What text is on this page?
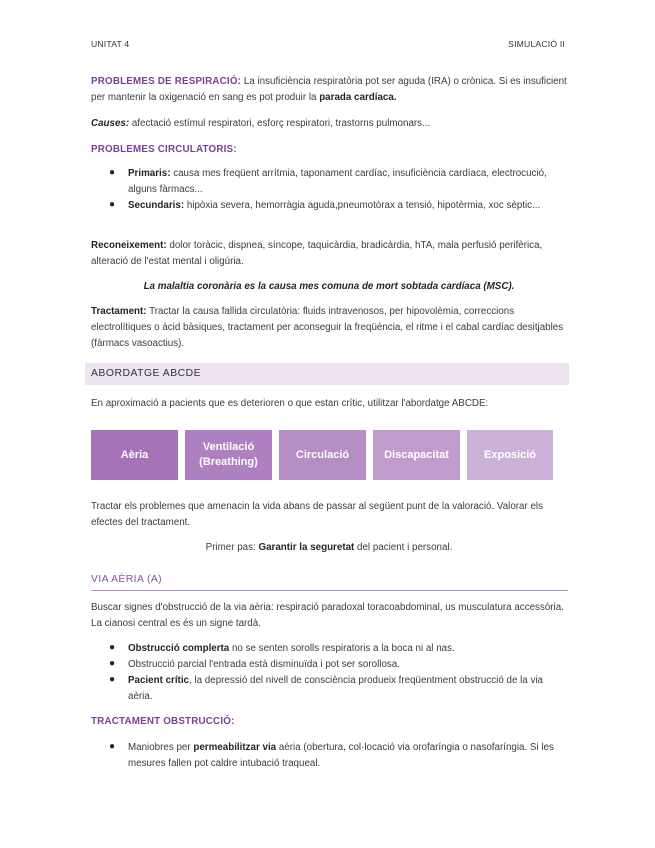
UNITAT 4	SIMULACIÓ II
PROBLEMES DE RESPIRACIÓ: La insuficiència respiratòria pot ser aguda (IRA) o crònica. Si es insuficient per mantenir la oxigenació en sang es pot produir la parada cardíaca.
Causes: afectació estímul respiratori, esforç respiratori, trastorns pulmonars...
PROBLEMES CIRCULATORIS:
● Primaris: causa mes freqüent arrítmia, taponament cardíac, insuficiència cardíaca, electrocució, alguns fàrmacs...
● Secundaris: hipòxia severa, hemorràgia aguda,pneumotòrax a tensió, hipotèrmia, xoc sèptic...
Reconeixement: dolor toràcic, dispnea, síncope, taquicàrdia, bradicàrdia, hTA, mala perfusió perifèrica, alteració de l'estat mental i oligúria.
La malaltia coronària es la causa mes comuna de mort sobtada cardíaca (MSC).
Tractament: Tractar la causa fallida circulatòria: fluids intravenosos, per hipovolèmia, correccions electrolítiques o àcid bàsiques, tractament per aconseguir la freqüència, el ritme i el cabal cardíac desitjables (fàrmacs vasoactius).
ABORDATGE ABCDE
En aproximació a pacients que es deterioren o que estan crític, utilitzar l'abordatge ABCDE:
Aèria
Ventilació (Breathing)
Circulació	Discapacitat	Exposició
Tractar els problemes que amenacin la vida abans de passar al següent punt de la valoració. Valorar els efectes del tractament.
Primer pas: Garantir la seguretat del pacient i personal.
VIA AÈRIA (A)
Buscar signes d'obstrucció de la via aèria: respiració paradoxal toracoabdominal, us musculatura accessòria. La cianosi central es és un signe tardà.
● Obstrucció complerta no se senten sorolls respiratoris a la boca ni al nas.
● Obstrucció parcial l'entrada està disminuïda i pot ser sorollosa.
● Pacient crític, la depressió del nivell de consciència produeix freqüentment obstrucció de la via aèria.
TRACTAMENT OBSTRUCCIÓ:
● Maniobres per permeabilitzar via aèria (obertura, col·locació via orofaríngia o nasofaríngia. Si les mesures fallen pot caldre intubació traqueal.
